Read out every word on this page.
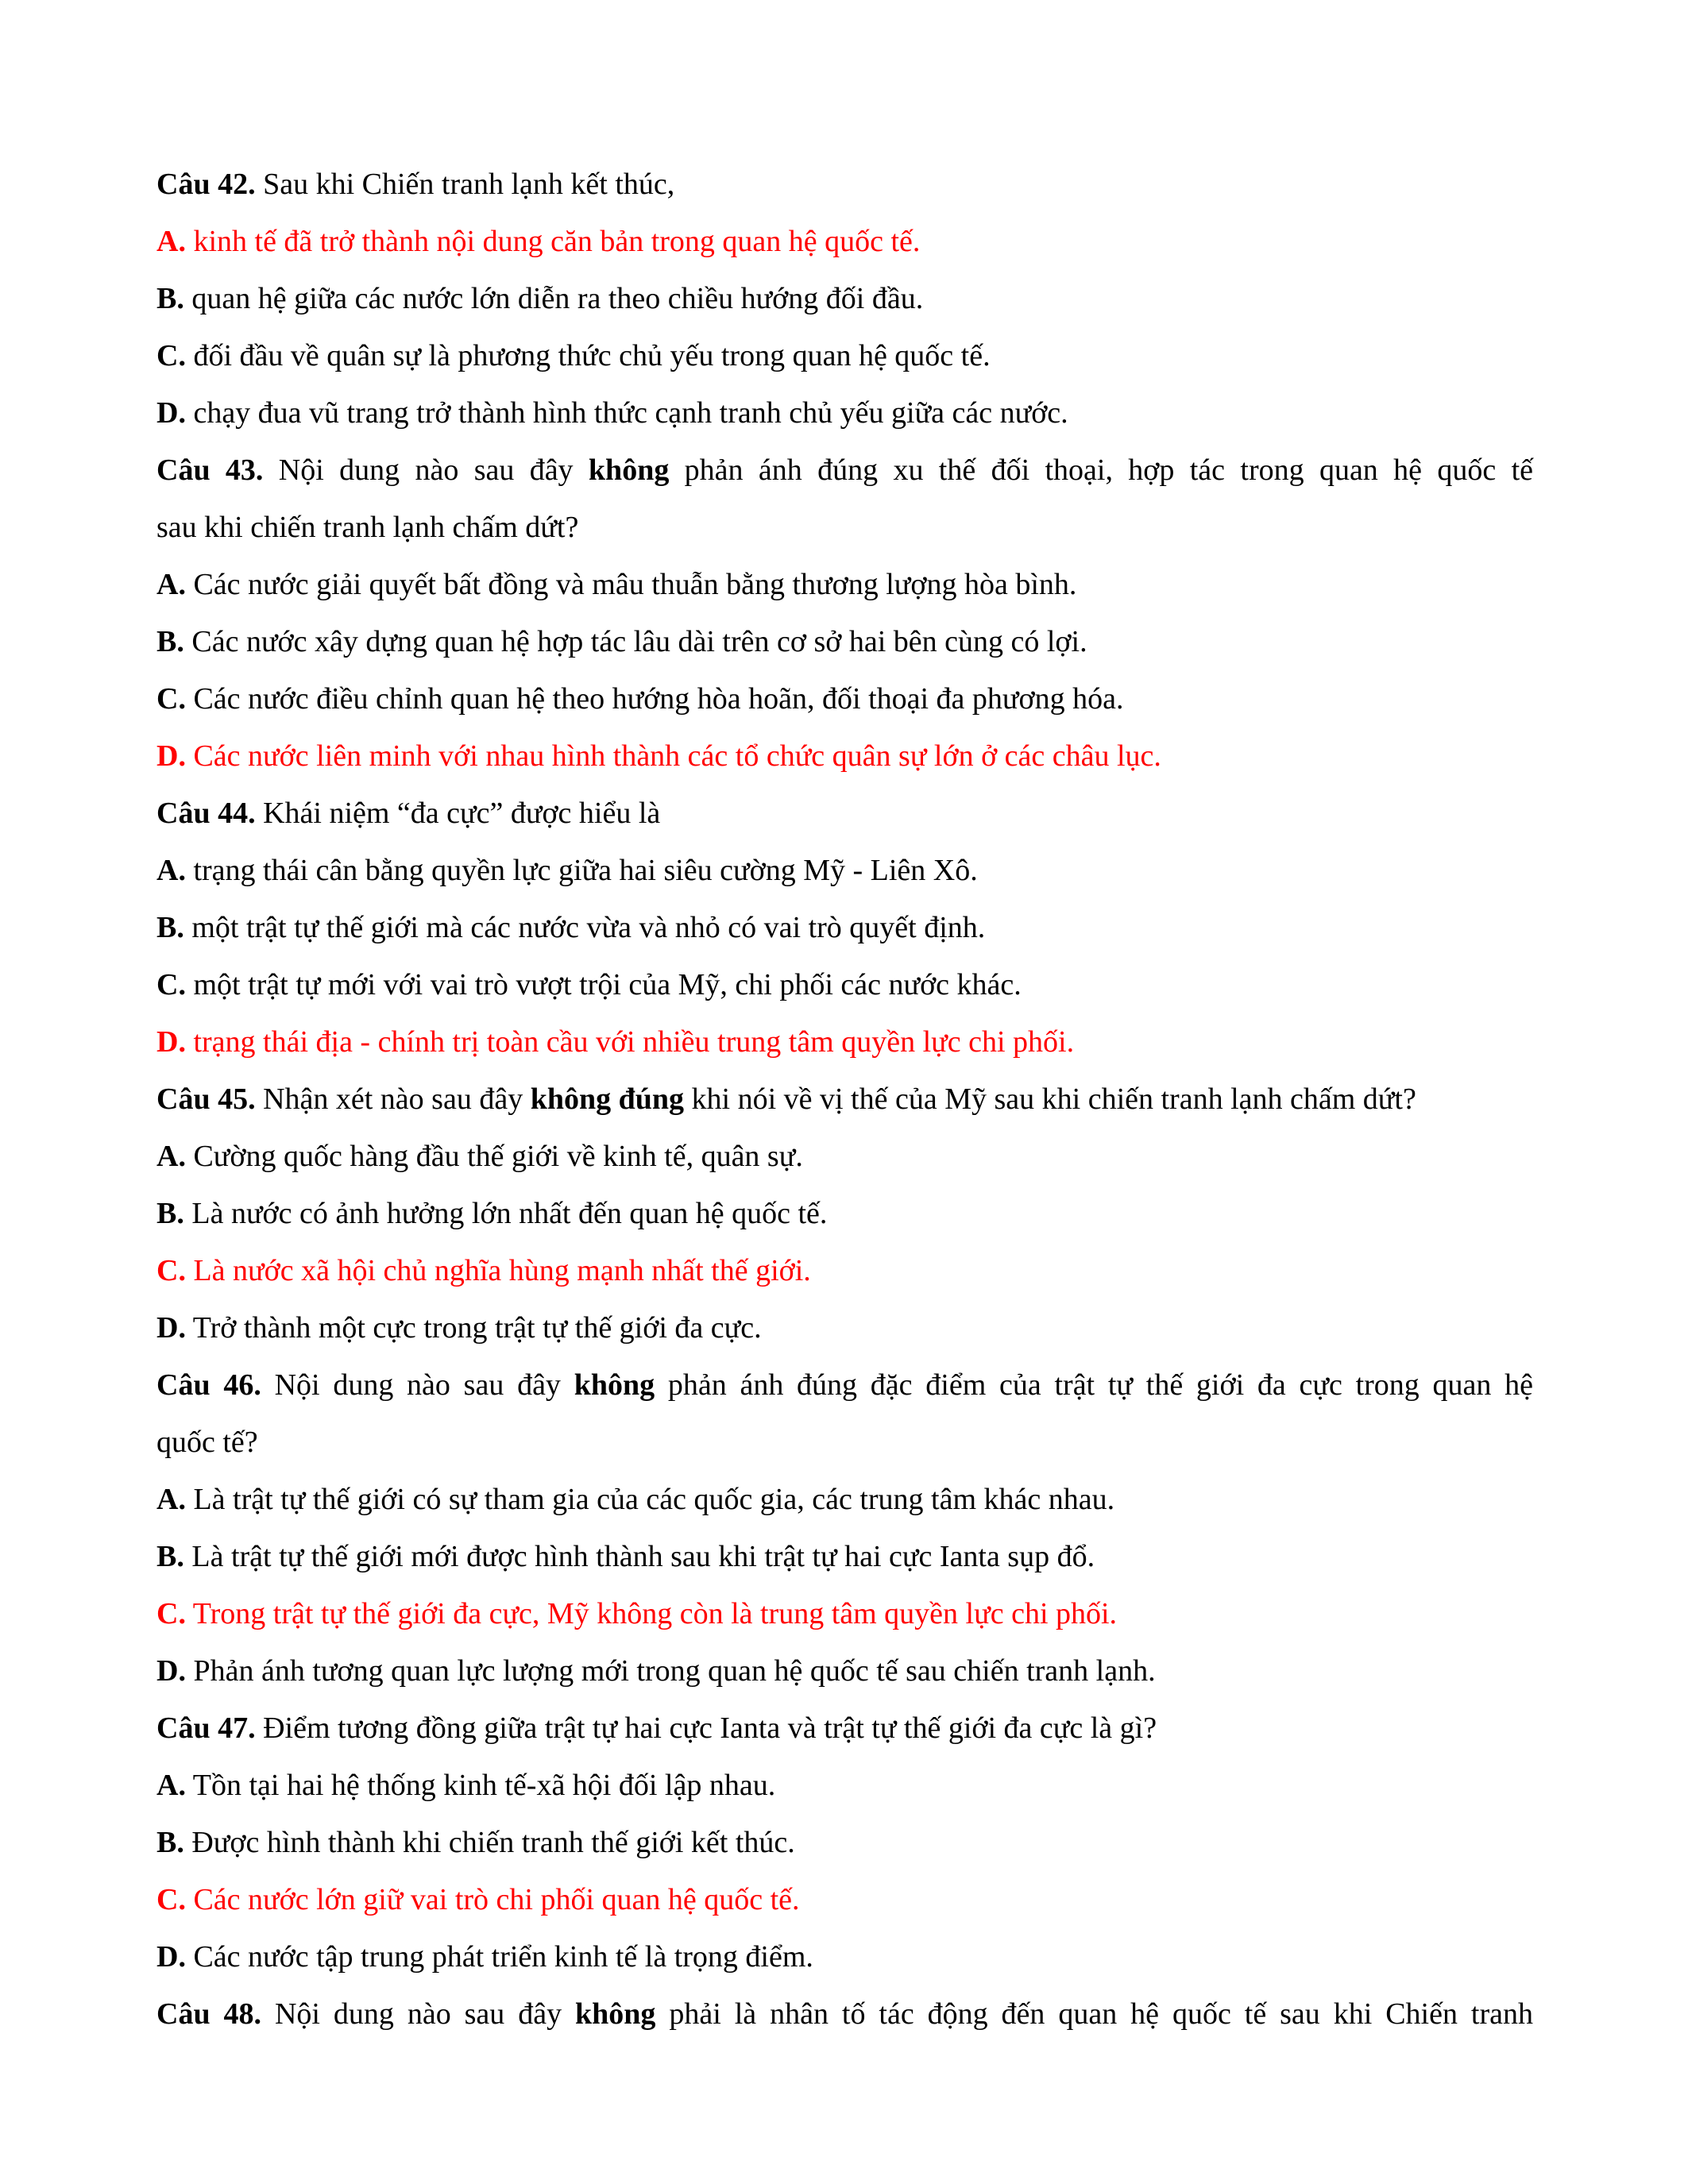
Câu 42. Sau khi Chiến tranh lạnh kết thúc,
A. kinh tế đã trở thành nội dung căn bản trong quan hệ quốc tế.
B. quan hệ giữa các nước lớn diễn ra theo chiều hướng đối đầu.
C. đối đầu về quân sự là phương thức chủ yếu trong quan hệ quốc tế.
D. chạy đua vũ trang trở thành hình thức cạnh tranh chủ yếu giữa các nước.
Câu 43. Nội dung nào sau đây không phản ánh đúng xu thế đối thoại, hợp tác trong quan hệ quốc tế
sau khi chiến tranh lạnh chấm dứt?
A. Các nước giải quyết bất đồng và mâu thuẫn bằng thương lượng hòa bình.
B. Các nước xây dựng quan hệ hợp tác lâu dài trên cơ sở hai bên cùng có lợi.
C. Các nước điều chỉnh quan hệ theo hướng hòa hoãn, đối thoại đa phương hóa.
D. Các nước liên minh với nhau hình thành các tổ chức quân sự lớn ở các châu lục.
Câu 44. Khái niệm “đa cực” được hiểu là
A. trạng thái cân bằng quyền lực giữa hai siêu cường Mỹ - Liên Xô.
B. một trật tự thế giới mà các nước vừa và nhỏ có vai trò quyết định.
C. một trật tự mới với vai trò vượt trội của Mỹ, chi phối các nước khác.
D. trạng thái địa - chính trị toàn cầu với nhiều trung tâm quyền lực chi phối.
Câu 45. Nhận xét nào sau đây không đúng khi nói về vị thế của Mỹ sau khi chiến tranh lạnh chấm dứt?
A. Cường quốc hàng đầu thế giới về kinh tế, quân sự.
B. Là nước có ảnh hưởng lớn nhất đến quan hệ quốc tế.
C. Là nước xã hội chủ nghĩa hùng mạnh nhất thế giới.
D. Trở thành một cực trong trật tự thế giới đa cực.
Câu 46. Nội dung nào sau đây không phản ánh đúng đặc điểm của trật tự thế giới đa cực trong quan hệ
quốc tế?
A. Là trật tự thế giới có sự tham gia của các quốc gia, các trung tâm khác nhau.
B. Là trật tự thế giới mới được hình thành sau khi trật tự hai cực Ianta sụp đổ.
C. Trong trật tự thế giới đa cực, Mỹ không còn là trung tâm quyền lực chi phối.
D. Phản ánh tương quan lực lượng mới trong quan hệ quốc tế sau chiến tranh lạnh.
Câu 47. Điểm tương đồng giữa trật tự hai cực Ianta và trật tự thế giới đa cực là gì?
A. Tồn tại hai hệ thống kinh tế-xã hội đối lập nhau.
B. Được hình thành khi chiến tranh thế giới kết thúc.
C. Các nước lớn giữ vai trò chi phối quan hệ quốc tế.
D. Các nước tập trung phát triển kinh tế là trọng điểm.
Câu 48. Nội dung nào sau đây không phải là nhân tố tác động đến quan hệ quốc tế sau khi Chiến tranh
